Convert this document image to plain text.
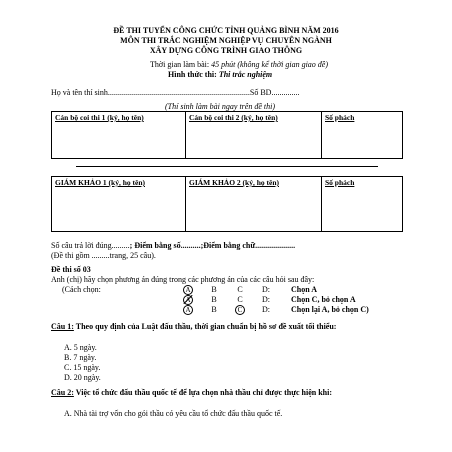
ĐỀ THI TUYỂN CÔNG CHỨC TỈNH QUẢNG BÌNH NĂM 2016
MÔN THI TRẮC NGHIỆM NGHIỆP VỤ CHUYÊN NGÀNH
XÂY DỰNG CÔNG TRÌNH GIAO THÔNG
Thời gian làm bài: 45 phút (không kể thời gian giao đề)
Hình thức thi: Thi trắc nghiệm
Họ và tên thí sinh.......................................................................Số BD..............
(Thí sinh làm bài ngay trên đề thi)
Cán bộ coi thi 1 (ký, họ tên)	Cán bộ coi thi 2 (ký, họ tên)	Số phách
GIÁM KHẢO 1 (ký, họ tên)	GIÁM KHẢO 2 (ký, họ tên)	Số phách
Số câu trả lời đúng.........; Điểm bằng số..........;Điểm bằng chữ....................
(Đề thi gồm .........trang, 25 câu).
Đề thi số 03
Anh (chị) hãy chọn phương án đúng trong các phương án của các câu hỏi sau đây:
(Cách chọn:	A	B	C D:	Chọn A
A	B	C D:	Chọn C, bỏ chọn A
A	B	C D:	Chọn lại A, bỏ chọn C)
Câu 1: Theo quy định của Luật đấu thầu, thời gian chuẩn bị hồ sơ đề xuất tối thiểu:
A. 5 ngày.
B. 7 ngày.
C. 15 ngày.
D. 20 ngày.
Câu 2: Việc tổ chức đấu thầu quốc tế để lựa chọn nhà thầu chỉ được thực hiện khi:
A. Nhà tài trợ vốn cho gói thầu có yêu cầu tổ chức đấu thầu quốc tế.
